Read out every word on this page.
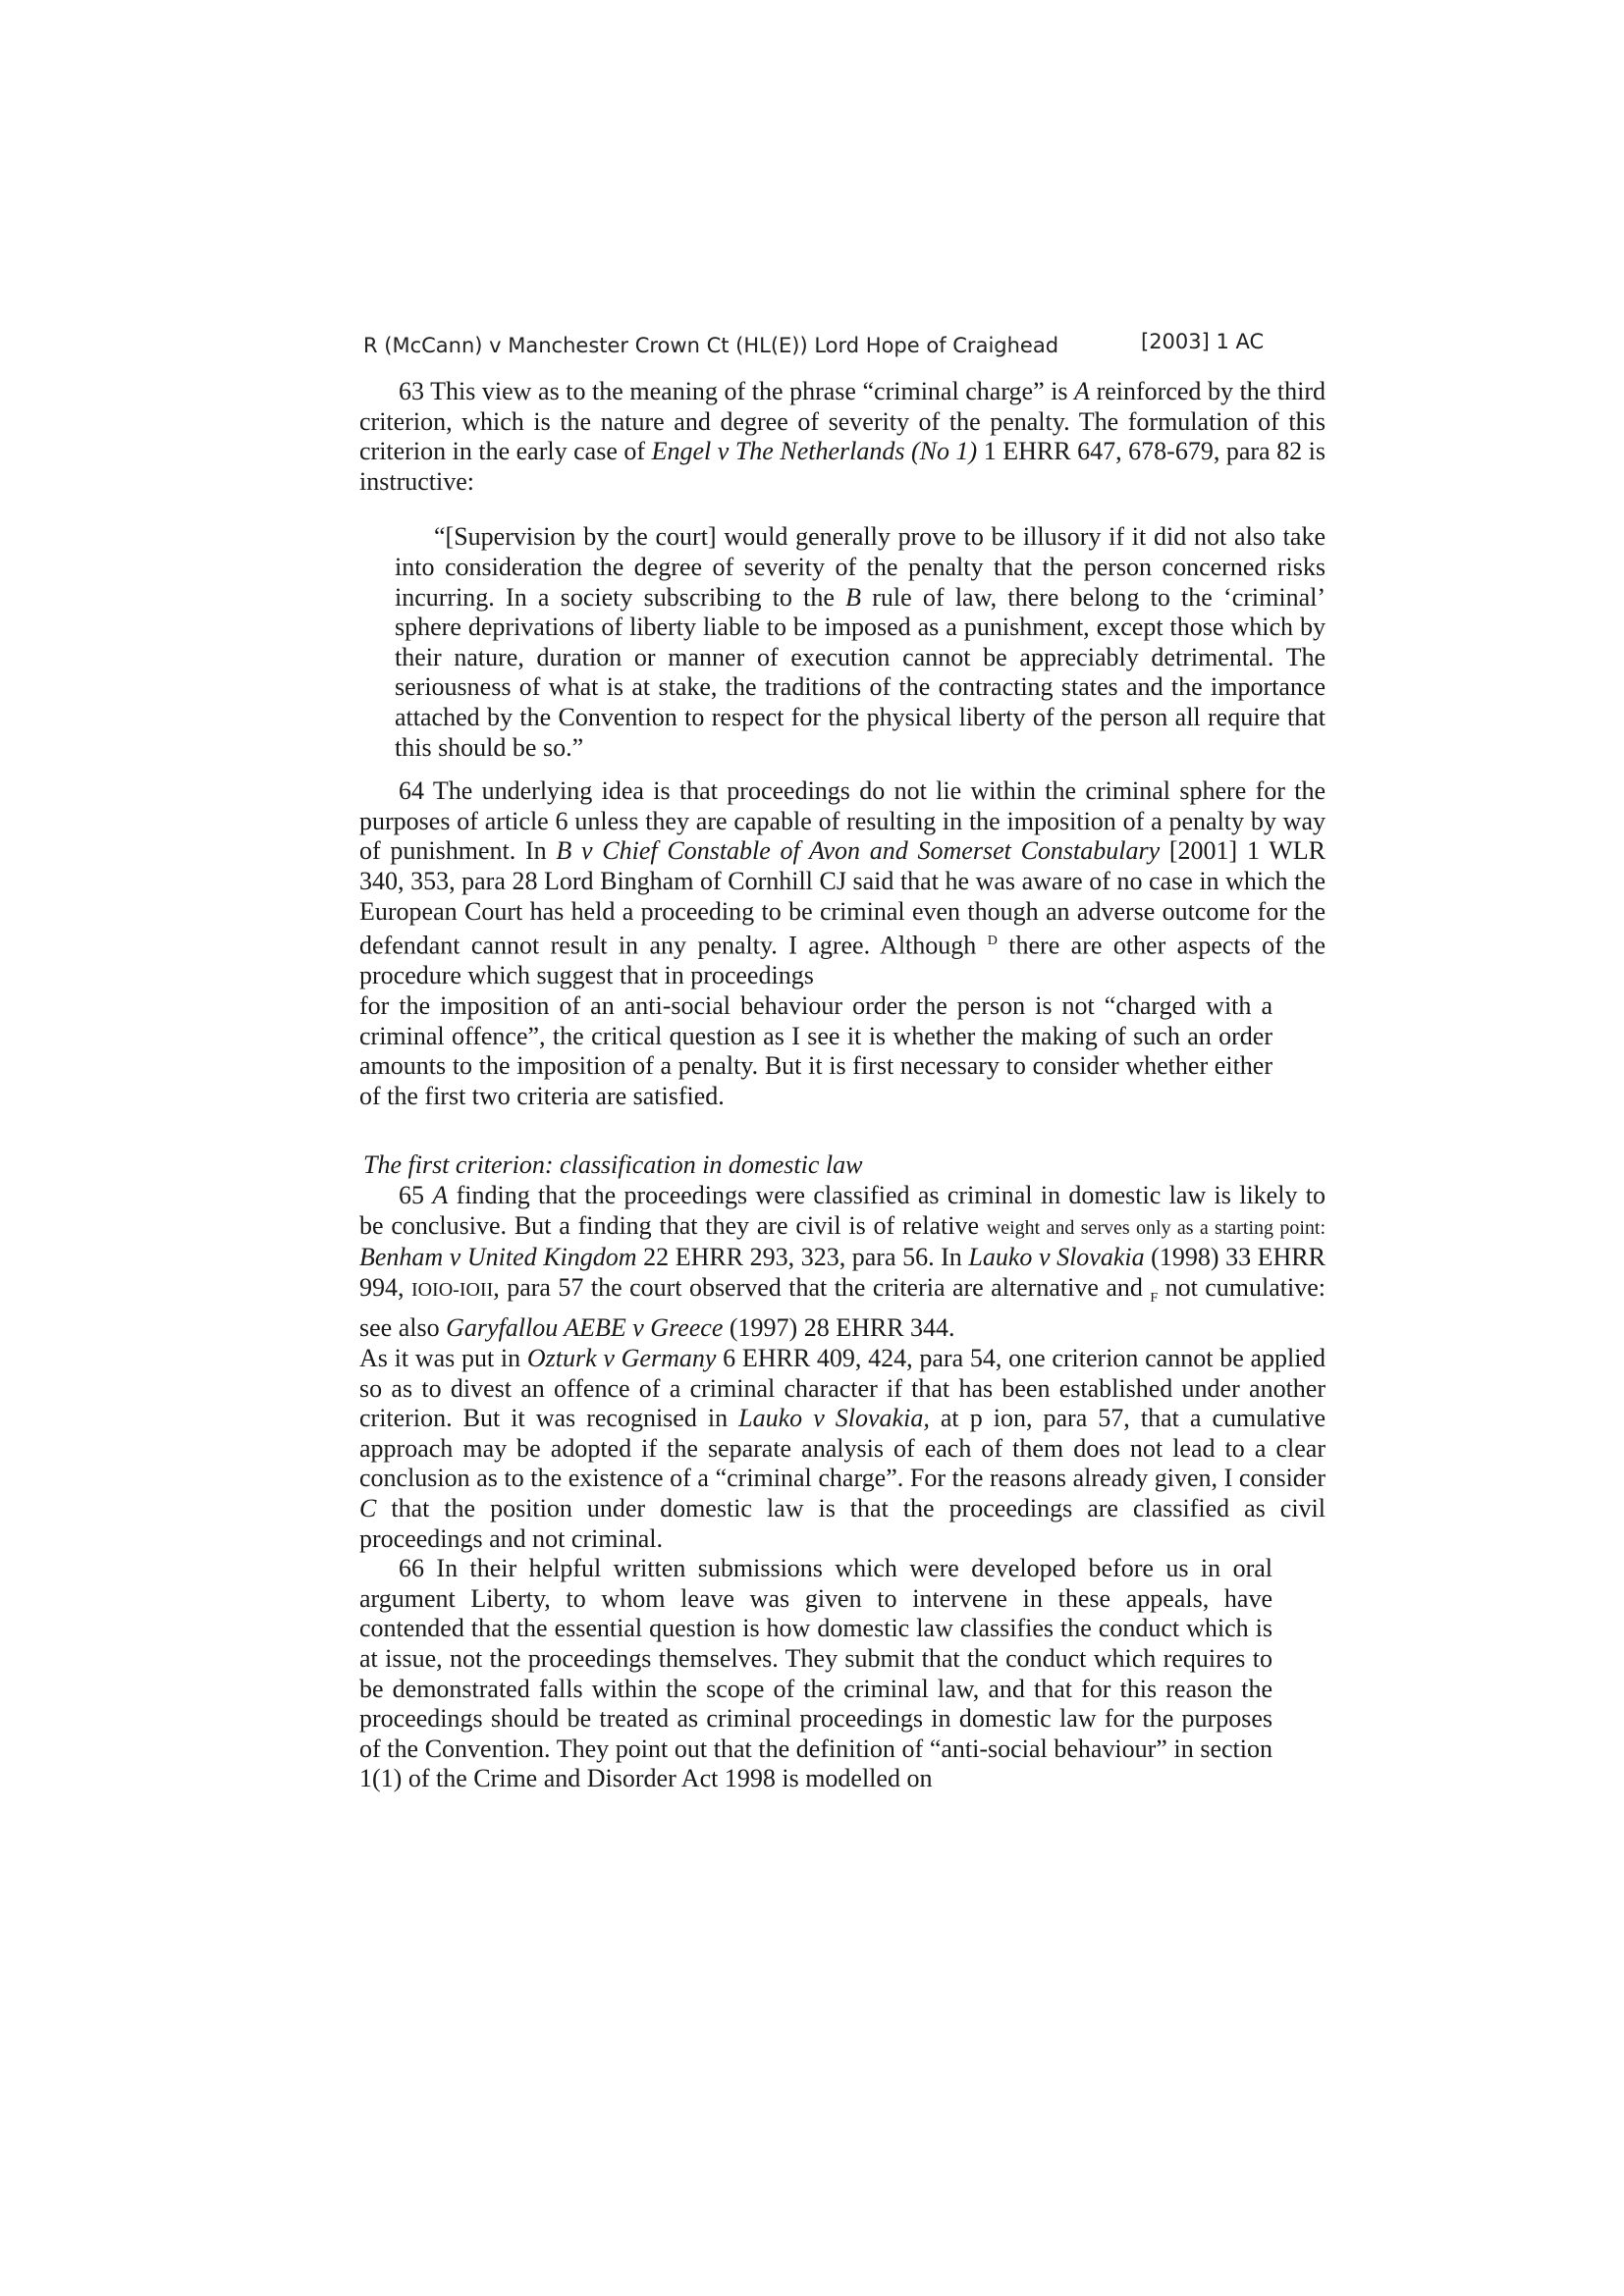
R (McCann) v Manchester Crown Ct (HL(E)) Lord Hope of Craighead	[2003] 1 AC

63 This view as to the meaning of the phrase “criminal charge” is A reinforced by the third criterion, which is the nature and degree of severity of the penalty. The formulation of this criterion in the early case of Engel v The Netherlands (No 1) 1 EHRR 647, 678-679, para 82 is instructive:

“[Supervision by the court] would generally prove to be illusory if it did not also take into consideration the degree of severity of the penalty that the person concerned risks incurring. In a society subscribing to the B rule of law, there belong to the ‘criminal’ sphere deprivations of liberty liable to be imposed as a punishment, except those which by their nature, duration or manner of execution cannot be appreciably detrimental. The seriousness of what is at stake, the traditions of the contracting states and the importance attached by the Convention to respect for the physical liberty of the person all require that this should be so.”

64 The underlying idea is that proceedings do not lie within the criminal sphere for the purposes of article 6 unless they are capable of resulting in the imposition of a penalty by way of punishment. In B v Chief Constable of Avon and Somerset Constabulary [2001] 1 WLR 340, 353, para 28 Lord Bingham of Cornhill CJ said that he was aware of no case in which the European Court has held a proceeding to be criminal even though an adverse outcome for the defendant cannot result in any penalty. I agree. Although $^D$ there are other aspects of the procedure which suggest that in proceedings

for the imposition of an anti-social behaviour order the person is not “charged with a criminal offence”, the critical question as I see it is whether the making of such an order amounts to the imposition of a penalty. But it is first necessary to consider whether either of the first two criteria are satisfied.

The first criterion: classification in domestic law

65 A finding that the proceedings were classified as criminal in domestic law is likely to be conclusive. But a finding that they are civil is of relative weight and serves only as a starting point: Benham v United Kingdom 22 EHRR 293, 323, para 56. In Lauko v Slovakia (1998) 33 EHRR 994, IOIO-IOII, para 57 the court observed that the criteria are alternative and $_F$ not cumulative: see also Garyfallou AEBE v Greece (1997) 28 EHRR 344.

As it was put in Ozturk v Germany 6 EHRR 409, 424, para 54, one criterion cannot be applied so as to divest an offence of a criminal character if that has been established under another criterion. But it was recognised in Lauko v Slovakia, at p ion, para 57, that a cumulative approach may be adopted if the separate analysis of each of them does not lead to a clear conclusion as to the existence of a “criminal charge”. For the reasons already given, I consider C that the position under domestic law is that the proceedings are classified as civil proceedings and not criminal.

66 In their helpful written submissions which were developed before us in oral argument Liberty, to whom leave was given to intervene in these appeals, have contended that the essential question is how domestic law classifies the conduct which is at issue, not the proceedings themselves. They submit that the conduct which requires to be demonstrated falls within the scope of the criminal law, and that for this reason the proceedings should be treated as criminal proceedings in domestic law for the purposes of the Convention. They point out that the definition of “anti-social behaviour” in section 1(1) of the Crime and Disorder Act 1998 is modelled on
